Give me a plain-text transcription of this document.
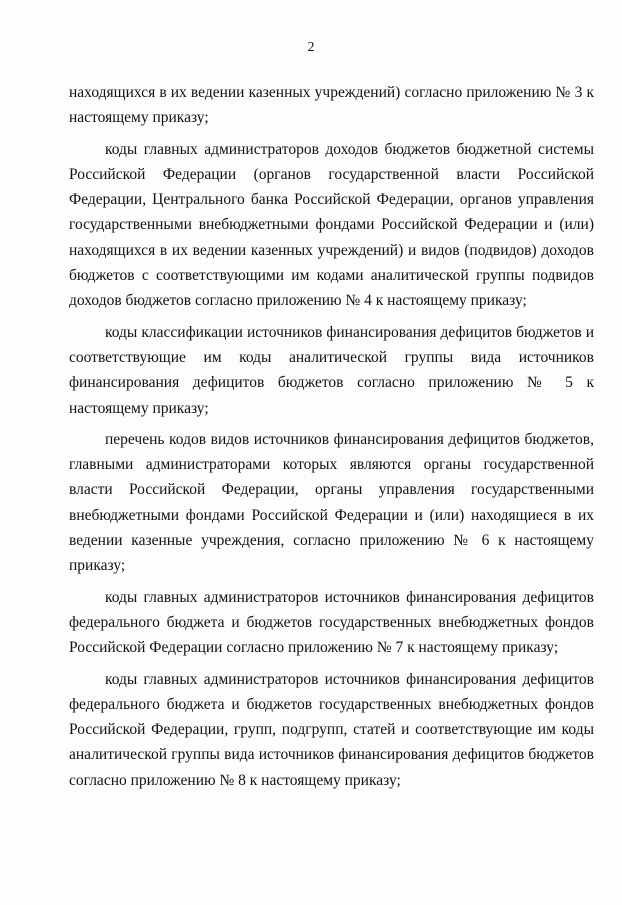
2

находящихся в их ведении казенных учреждений) согласно приложению № 3 к настоящему приказу;

коды главных администраторов доходов бюджетов бюджетной системы Российской Федерации (органов государственной власти Российской Федерации, Центрального банка Российской Федерации, органов управления государственными внебюджетными фондами Российской Федерации и (или) находящихся в их ведении казенных учреждений) и видов (подвидов) доходов бюджетов с соответствующими им кодами аналитической группы подвидов доходов бюджетов согласно приложению № 4 к настоящему приказу;

коды классификации источников финансирования дефицитов бюджетов и соответствующие им коды аналитической группы вида источников финансирования дефицитов бюджетов согласно приложению № 5 к настоящему приказу;

перечень кодов видов источников финансирования дефицитов бюджетов, главными администраторами которых являются органы государственной власти Российской Федерации, органы управления государственными внебюджетными фондами Российской Федерации и (или) находящиеся в их ведении казенные учреждения, согласно приложению № 6 к настоящему приказу;

коды главных администраторов источников финансирования дефицитов федерального бюджета и бюджетов государственных внебюджетных фондов Российской Федерации согласно приложению № 7 к настоящему приказу;

коды главных администраторов источников финансирования дефицитов федерального бюджета и бюджетов государственных внебюджетных фондов Российской Федерации, групп, подгрупп, статей и соответствующие им коды аналитической группы вида источников финансирования дефицитов бюджетов согласно приложению № 8 к настоящему приказу;
